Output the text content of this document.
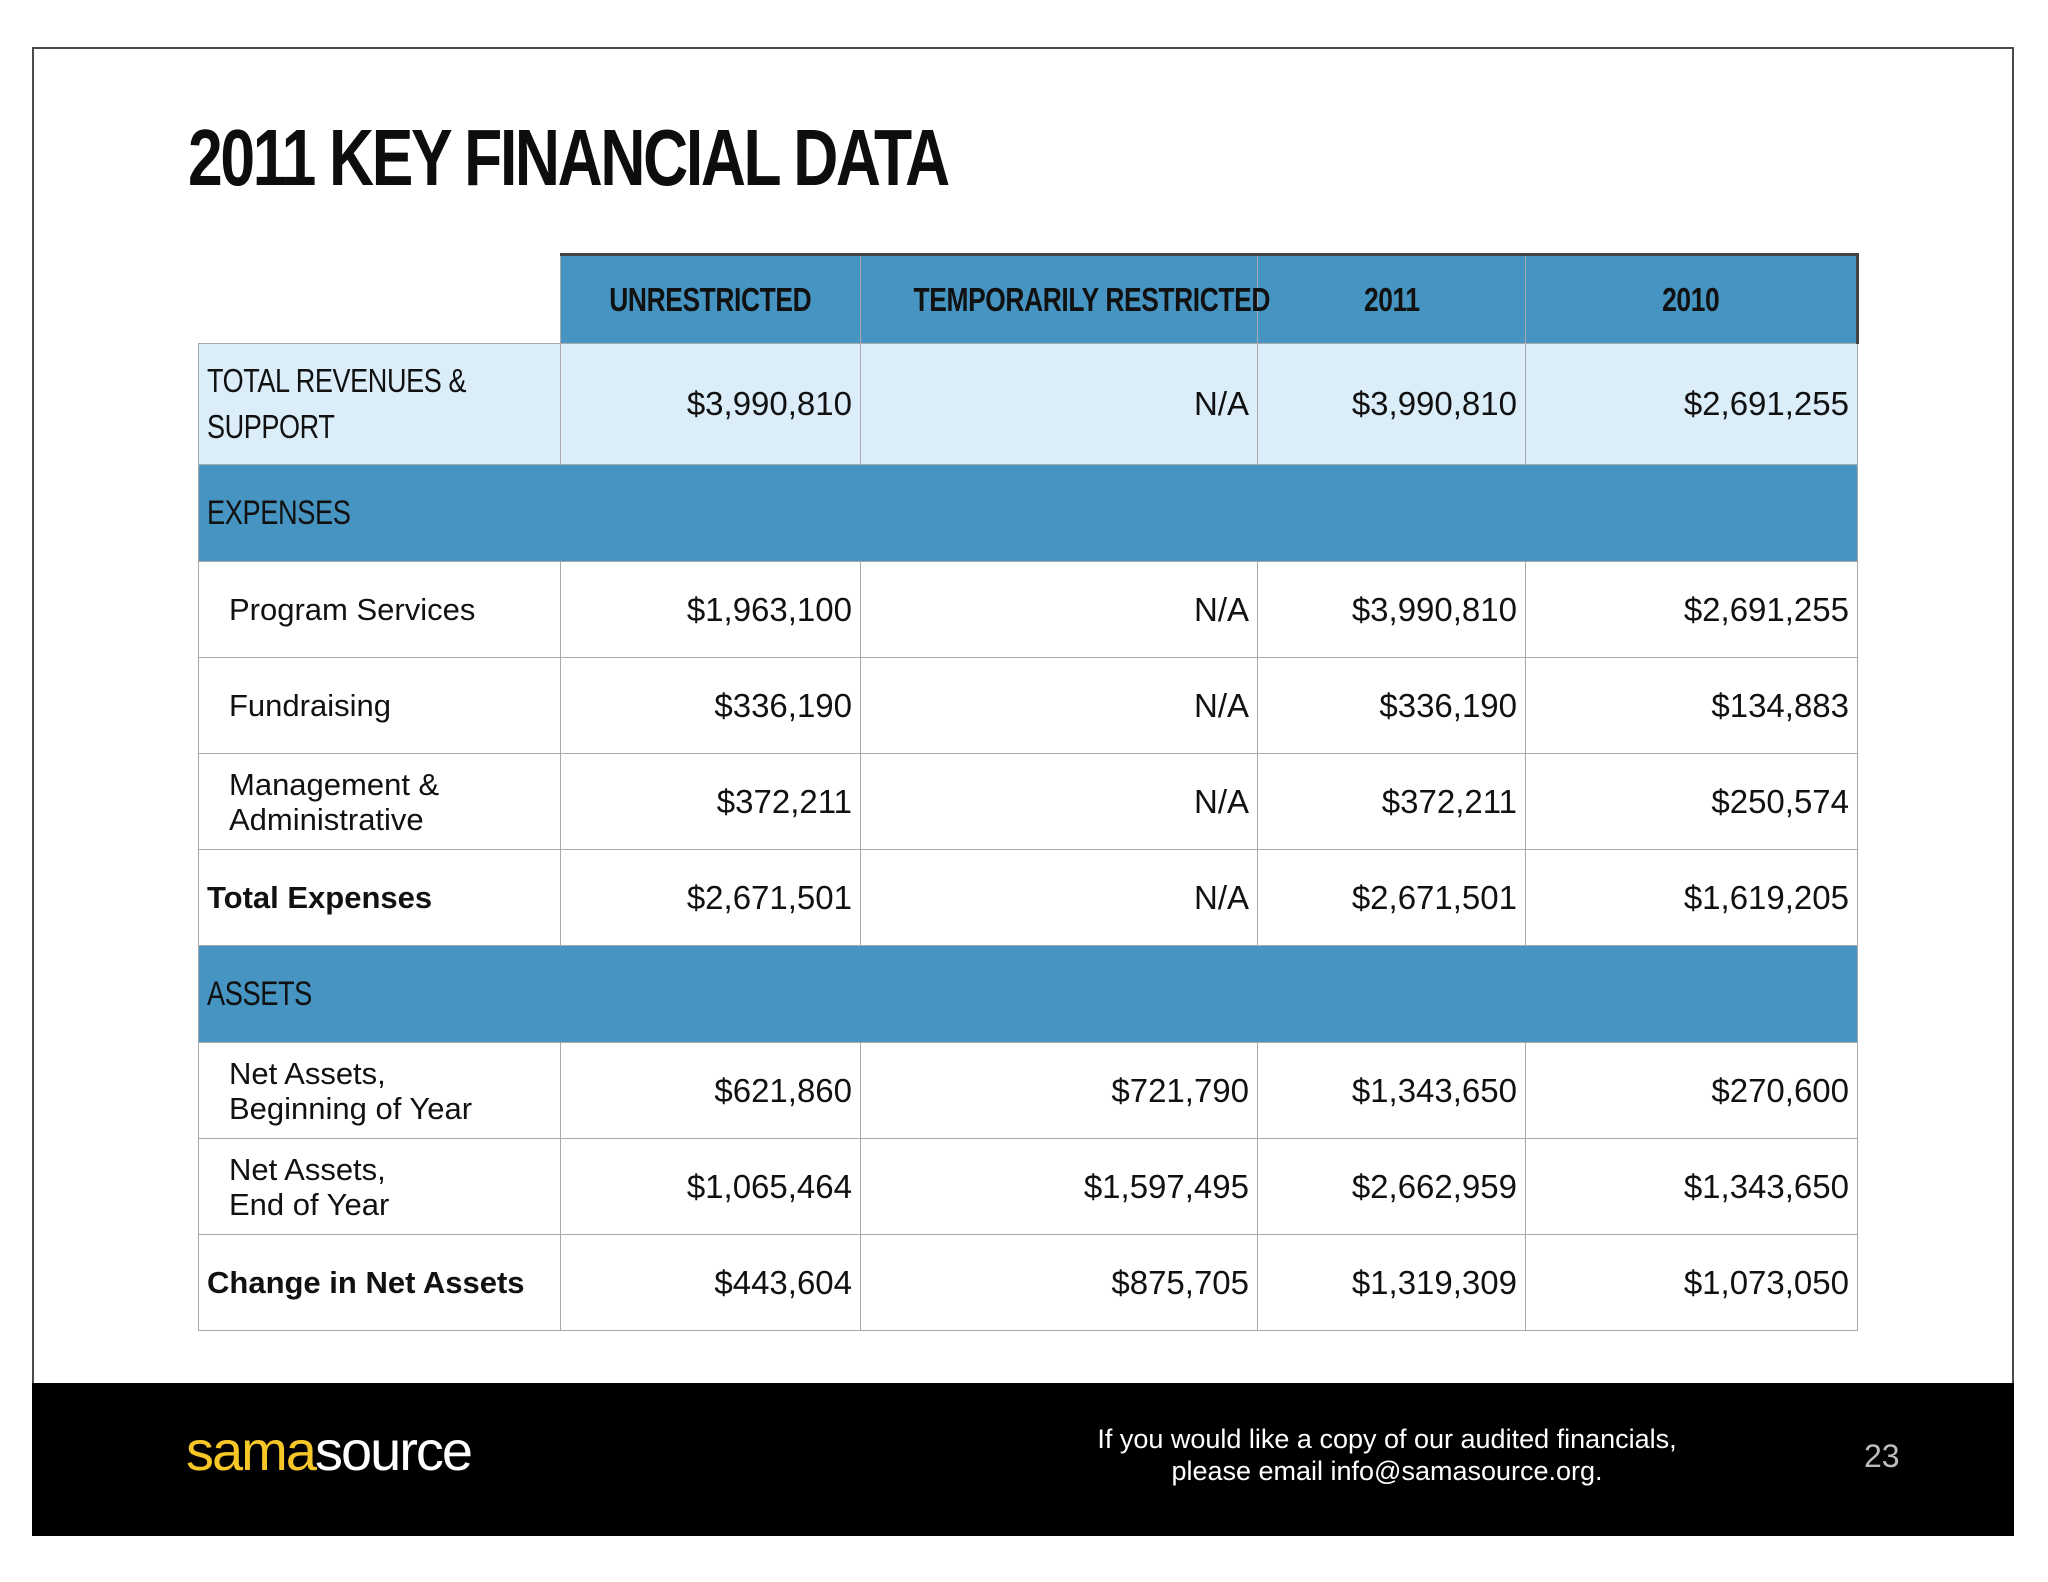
2011 KEY FINANCIAL DATA
	UNRESTRICTED	TEMPORARILY RESTRICTED	2011	2010
TOTAL REVENUES &
SUPPORT	$3,990,810	N/A	$3,990,810	$2,691,255
EXPENSES				
Program Services	$1,963,100	N/A	$3,990,810	$2,691,255
Fundraising	$336,190	N/A	$336,190	$134,883
Management &
Administrative	$372,211	N/A	$372,211	$250,574
Total Expenses	$2,671,501	N/A	$2,671,501	$1,619,205
ASSETS				
Net Assets,
Beginning of Year	$621,860	$721,790	$1,343,650	$270,600
Net Assets,
End of Year	$1,065,464	$1,597,495	$2,662,959	$1,343,650
Change in Net Assets	$443,604	$875,705	$1,319,309	$1,073,050
samasource	If you would like a copy of our audited financials,
please email info@samasource.org.	23
